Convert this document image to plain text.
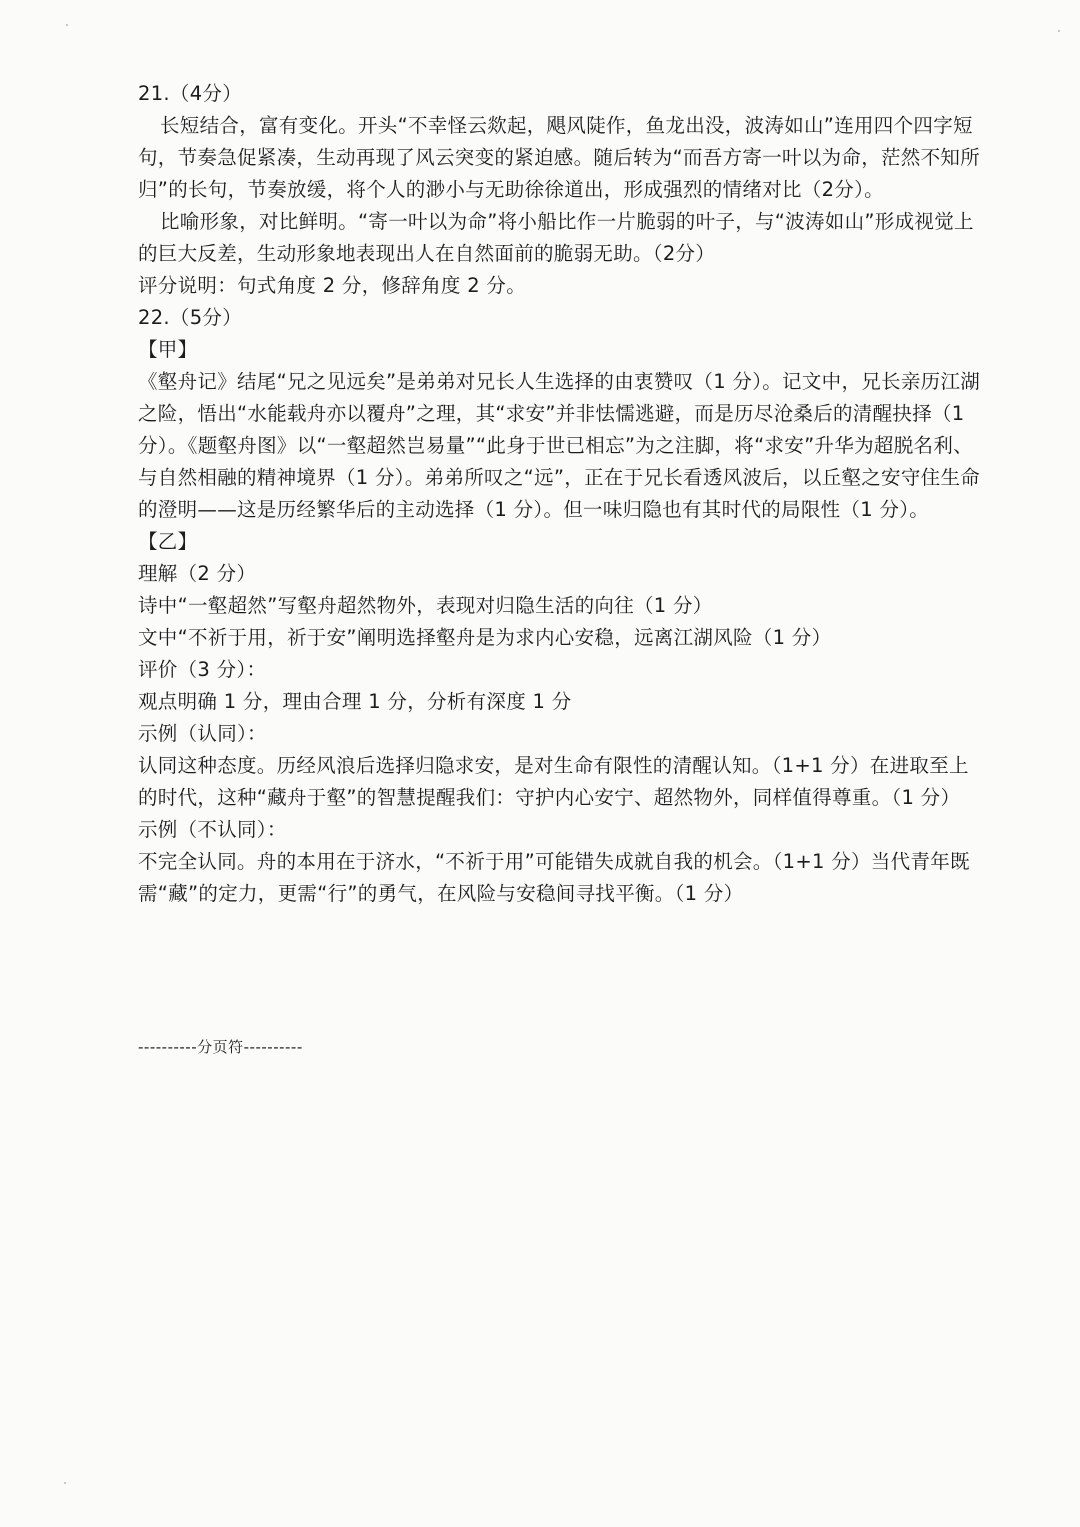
21.（4分）

长短结合，富有变化。开头“不幸怪云欻起，飓风陡作，鱼龙出没，波涛如山”连用四个四字短句，节奏急促紧凑，生动再现了风云突变的紧迫感。随后转为“而吾方寄一叶以为命，茫然不知所归”的长句，节奏放缓，将个人的渺小与无助徐徐道出，形成强烈的情绪对比（2分）。

比喻形象，对比鲜明。“寄一叶以为命”将小船比作一片脆弱的叶子，与“波涛如山”形成视觉上的巨大反差，生动形象地表现出人在自然面前的脆弱无助。（2分）

评分说明：句式角度 2 分，修辞角度 2 分。

22.（5分）

【甲】

《壑舟记》结尾“兄之见远矣”是弟弟对兄长人生选择的由衷赞叹（1 分）。记文中，兄长亲历江湖之险，悟出“水能载舟亦以覆舟”之理，其“求安”并非怯懦逃避，而是历尽沧桑后的清醒抉择（1 分）。《题壑舟图》以“一壑超然岂易量”“此身于世已相忘”为之注脚，将“求安”升华为超脱名利、与自然相融的精神境界（1 分）。弟弟所叹之“远”，正在于兄长看透风波后，以丘壑之安守住生命的澄明——这是历经繁华后的主动选择（1 分）。但一味归隐也有其时代的局限性（1 分）。

【乙】

理解（2 分）

诗中“一壑超然”写壑舟超然物外，表现对归隐生活的向往（1 分）

文中“不祈于用，祈于安”阐明选择壑舟是为求内心安稳，远离江湖风险（1 分）

评价（3 分）：

观点明确 1 分，理由合理 1 分，分析有深度 1 分

示例（认同）：

认同这种态度。历经风浪后选择归隐求安，是对生命有限性的清醒认知。（1+1 分）在进取至上的时代，这种“藏舟于壑”的智慧提醒我们：守护内心安宁、超然物外，同样值得尊重。（1 分）

示例（不认同）：

不完全认同。舟的本用在于济水，“不祈于用”可能错失成就自我的机会。（1+1 分）当代青年既需“藏”的定力，更需“行”的勇气，在风险与安稳间寻找平衡。（1 分）

----------分页符----------
